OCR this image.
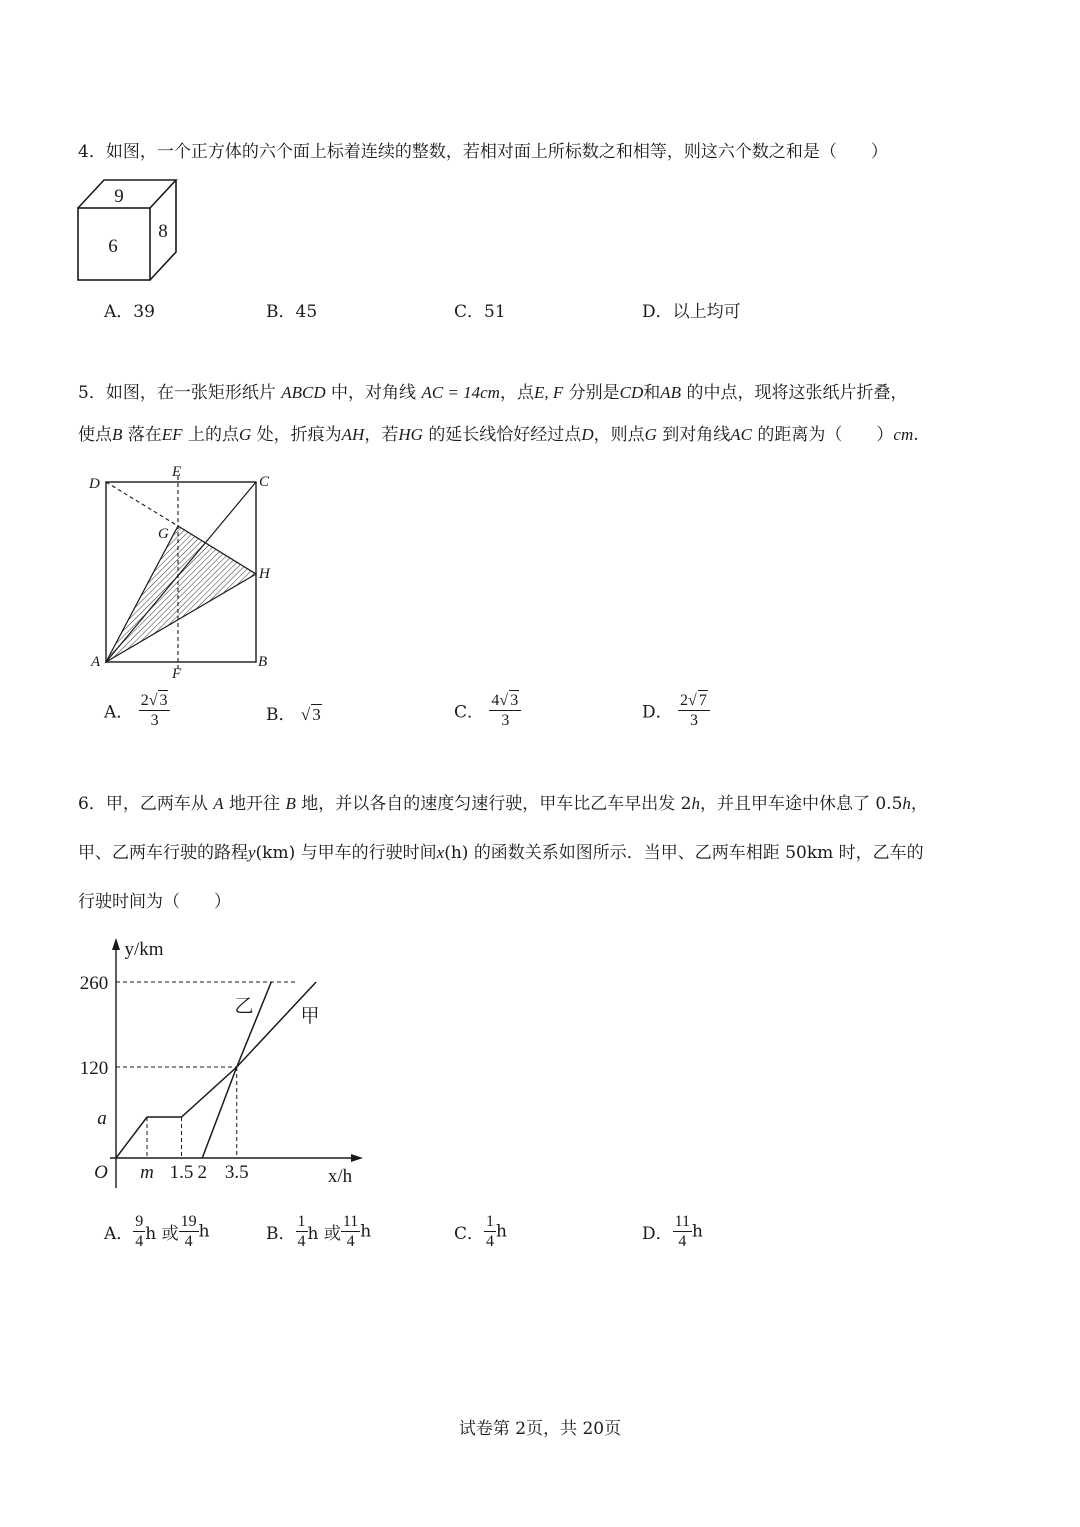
4．如图，一个正方体的六个面上标着连续的整数，若相对面上所标数之和相等，则这六个数之和是（　　）
9
6
8
A．39	B．45	C．51	D．以上均可
5．如图，在一张矩形纸片 ABCD 中，对角线 AC = 14cm，点E, F 分别是CD和AB 的中点，现将这张纸片折叠，
使点B 落在EF 上的点G 处，折痕为AH，若HG 的延长线恰好经过点D，则点G 到对角线AC 的距离为（　　）cm.
D
E
C
G
H
A
F
B
A． $\frac{2√ 3}{3}$	B． √ 3	C． $\frac{4√ 3}{3}$	D． $\frac{2√ 7}{3}$
6．甲，乙两车从 A 地开往 B 地，并以各自的速度匀速行驶，甲车比乙车早出发 2h，并且甲车途中休息了 0.5h，
甲、乙两车行驶的路程y(km) 与甲车的行驶时间x(h) 的函数关系如图所示．当甲、乙两车相距 50km 时，乙车的
行驶时间为（　　）
y/km
x/h
O
260
120
a
m 1.5 2 3.5
乙 甲
A． $\frac{9}{4}$ h 或 $\frac{19}{4}$ h	B． $\frac{1}{4}$ h 或 $\frac{11}{4}$ h	C． $\frac{1}{4}$ h	D． $\frac{11}{4}$ h
试卷第 2页，共 20页
